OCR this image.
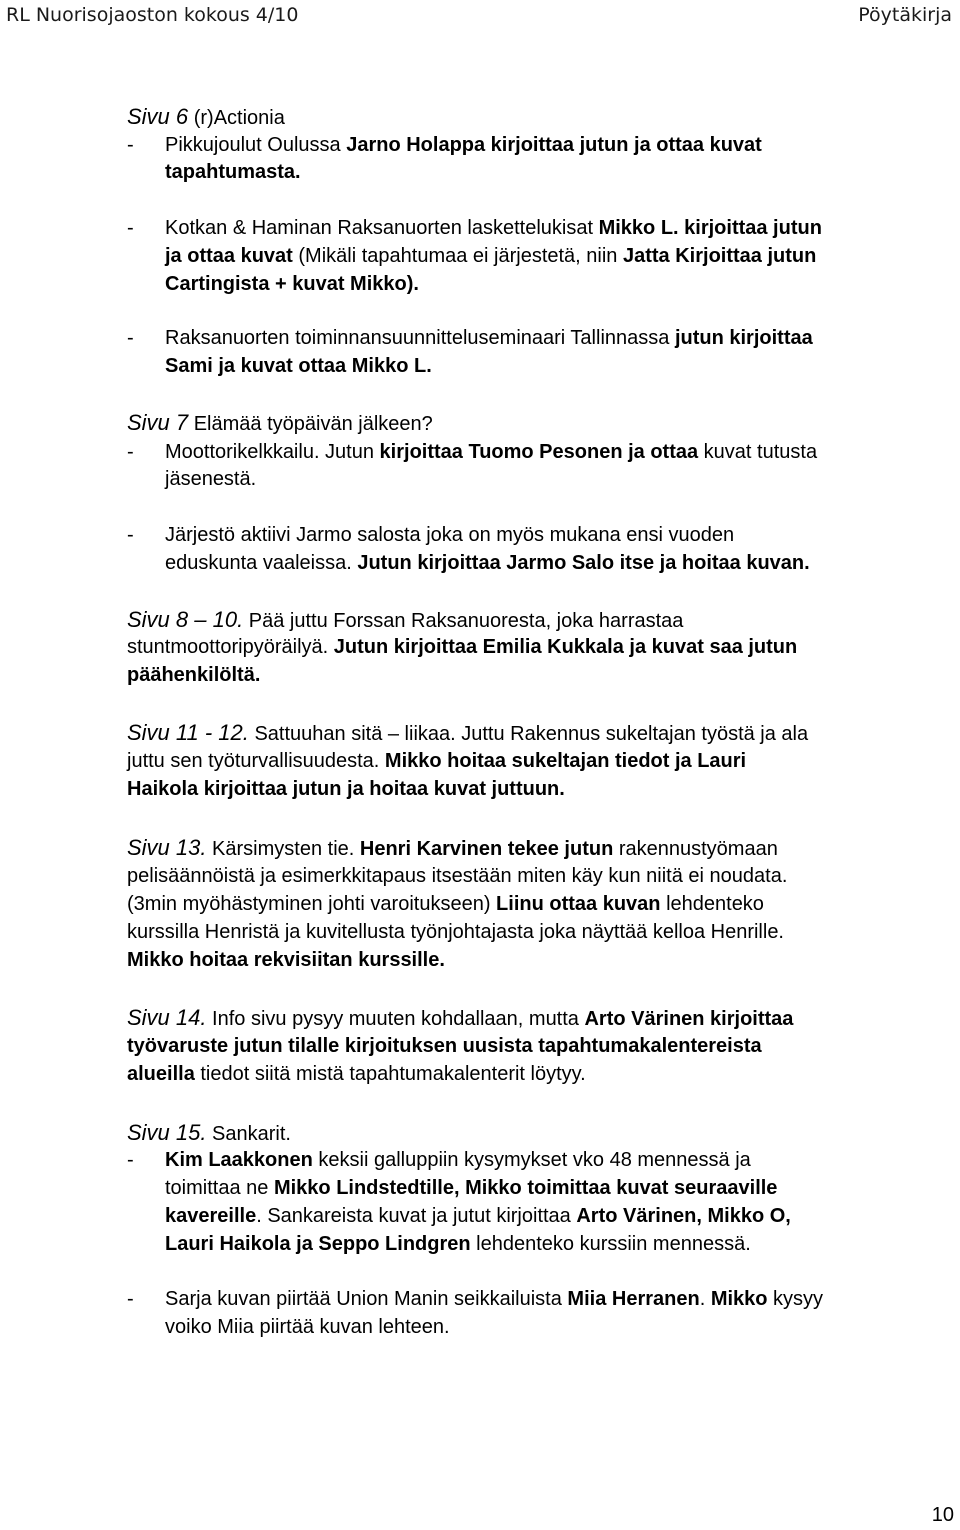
RL Nuorisojaoston kokous 4/10	Pöytäkirja
Sivu 6 (r)Actionia
- Pikkujoulut Oulussa Jarno Holappa kirjoittaa jutun ja ottaa kuvat
tapahtumasta.
- Kotkan & Haminan Raksanuorten laskettelukisat Mikko L. kirjoittaa jutun
ja ottaa kuvat (Mikäli tapahtumaa ei järjestetä, niin Jatta Kirjoittaa jutun
Cartingista + kuvat Mikko).
- Raksanuorten toiminnansuunnitteluseminaari Tallinnassa jutun kirjoittaa
Sami ja kuvat ottaa Mikko L.
Sivu 7 Elämää työpäivän jälkeen?
- Moottorikelkkailu. Jutun kirjoittaa Tuomo Pesonen ja ottaa kuvat tutusta
jäsenestä.
- Järjestö aktiivi Jarmo salosta joka on myös mukana ensi vuoden
eduskunta vaaleissa. Jutun kirjoittaa Jarmo Salo itse ja hoitaa kuvan.
Sivu 8 – 10. Pää juttu Forssan Raksanuoresta, joka harrastaa
stuntmoottoripyöräilyä. Jutun kirjoittaa Emilia Kukkala ja kuvat saa jutun
päähenkilöltä.
Sivu 11 - 12. Sattuuhan sitä – liikaa. Juttu Rakennus sukeltajan työstä ja ala
juttu sen työturvallisuudesta. Mikko hoitaa sukeltajan tiedot ja Lauri
Haikola kirjoittaa jutun ja hoitaa kuvat juttuun.
Sivu 13. Kärsimysten tie. Henri Karvinen tekee jutun rakennustyömaan
pelisäännöistä ja esimerkkitapaus itsestään miten käy kun niitä ei noudata.
(3min myöhästyminen johti varoitukseen) Liinu ottaa kuvan lehdenteko
kurssilla Henristä ja kuvitellusta työnjohtajasta joka näyttää kelloa Henrille.
Mikko hoitaa rekvisiitan kurssille.
Sivu 14. Info sivu pysyy muuten kohdallaan, mutta Arto Värinen kirjoittaa
työvaruste jutun tilalle kirjoituksen uusista tapahtumakalentereista
alueilla tiedot siitä mistä tapahtumakalenterit löytyy.
Sivu 15. Sankarit.
- Kim Laakkonen keksii galluppiin kysymykset vko 48 mennessä ja
toimittaa ne Mikko Lindstedtille, Mikko toimittaa kuvat seuraaville
kavereille. Sankareista kuvat ja jutut kirjoittaa Arto Värinen, Mikko O,
Lauri Haikola ja Seppo Lindgren lehdenteko kurssiin mennessä.
- Sarja kuvan piirtää Union Manin seikkailuista Miia Herranen. Mikko kysyy
voiko Miia piirtää kuvan lehteen.
10
